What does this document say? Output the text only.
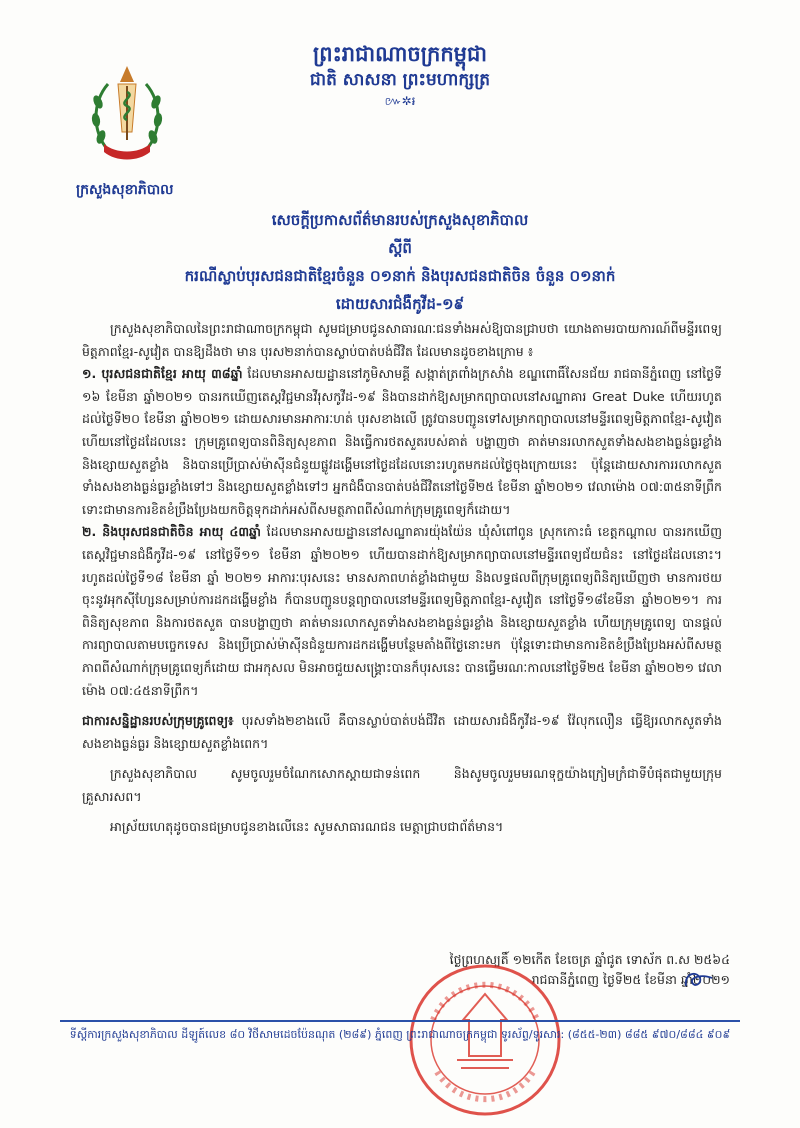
ព្រះរាជាណាចក្រកម្ពុជា
ជាតិ សាសនា ព្រះមហាក្សត្រ
៚✲៛
ក្រសួងសុខាភិបាល
សេចក្ដីប្រកាសព័ត៌មានរបស់ក្រសួងសុខាភិបាល
ស្ដីពី
ករណីស្លាប់បុរសជនជាតិខ្មែរចំនួន ០១នាក់ និងបុរសជនជាតិចិន ចំនួន ០១នាក់
ដោយសារជំងឺកូវីដ-១៩

ក្រសួងសុខាភិបាលនៃព្រះរាជាណាចក្រកម្ពុជា សូមជម្រាបជូនសាធារណៈជនទាំងអស់ឱ្យបានជ្រាបថា យោងតាមរបាយការណ៍ពីមន្ទីរពេទ្យមិត្តភាពខ្មែរ-សូវៀត បានឱ្យដឹងថា មាន បុរស២នាក់បានស្លាប់បាត់បង់ជីវិត ដែលមានដូចខាងក្រោម ៖

១. បុរសជនជាតិខ្មែរ អាយុ ៣៨ឆ្នាំ ដែលមានអាសយដ្ឋាននៅភូមិសាមគ្គី សង្កាត់ត្រពាំងក្រសាំង ខណ្ឌពោធិ៍សែនជ័យ រាជធានីភ្នំពេញ នៅថ្ងៃទី ១៦ ខែមីនា ឆ្នាំ២០២១ បានរកឃើញតេស្តវិជ្ជមានវីរុសកូវីដ-១៩ និងបានដាក់ឱ្យសម្រាកព្យាបាលនៅសណ្ឋាគារ Great Duke ហើយរហូតដល់ថ្ងៃទី២០ ខែមីនា ឆ្នាំ២០២១ ដោយសារមានអាការៈហត់ បុរសខាងលើ ត្រូវបានបញ្ជូនទៅសម្រាកព្យាបាលនៅមន្ទីរពេទ្យមិត្តភាពខ្មែរ-សូវៀត ហើយនៅថ្ងៃដដែលនេះ ក្រុមគ្រូពេទ្យបានពិនិត្យសុខភាព និងធ្វើការថតសួតរបស់គាត់ បង្ហាញថា គាត់មានរលាកសួតទាំងសងខាងធ្ងន់ធ្ងរខ្លាំង និងខ្សោយសួតខ្លាំង និងបានប្រើប្រាស់ម៉ាស៊ីនជំនួយផ្លូវដង្ហើមនៅថ្ងៃដដែលនោះរហូតមកដល់ថ្ងៃចុងក្រោយនេះ ប៉ុន្តែដោយសារការរលាកសួតទាំងសងខាងធ្ងន់ធ្ងរខ្លាំងទៅៗ និងខ្សោយសួតខ្លាំងទៅៗ អ្នកជំងឺបានបាត់បង់ជីវិតនៅថ្ងៃទី២៥ ខែមីនា ឆ្នាំ២០២១ វេលាម៉ោង ០៧:៣៥នាទីព្រឹក ទោះជាមានការខិតខំប្រឹងប្រែងយកចិត្តទុកដាក់អស់ពីសមត្ថភាពពីសំណាក់ក្រុមគ្រូពេទ្យក៏ដោយ។

២. និងបុរសជនជាតិចិន អាយុ ៤៣ឆ្នាំ ដែលមានអាសយដ្ឋាននៅសណ្ឋាគារយ៉ុងយ៉ែន ឃុំសំពៅពូន ស្រុកកោះធំ ខេត្តកណ្ដាល បានរកឃើញតេស្តវិជ្ជមានជំងឺកូវីដ-១៩ នៅថ្ងៃទី១១ ខែមីនា ឆ្នាំ២០២១ ហើយបានដាក់ឱ្យសម្រាកព្យាបាលនៅមន្ទីរពេទ្យជ័យជំនះ នៅថ្ងៃដដែលនោះ។ រហូតដល់ថ្ងៃទី១៨ ខែមីនា ឆ្នាំ ២០២១ អាការៈបុរសនេះ មានសភាពហត់ខ្លាំងជាមួយ និងលទ្ធផលពីក្រុមគ្រូពេទ្យពិនិត្យឃើញថា មានការថយចុះនូវអុកស៊ីហ្សែនសម្រាប់ការដកដង្ហើមខ្លាំង ក៏បានបញ្ជូនបន្តព្យាបាលនៅមន្ទីរពេទ្យមិត្តភាពខ្មែរ-សូវៀត នៅថ្ងៃទី១៨ខែមីនា ឆ្នាំ២០២១។ ការពិនិត្យសុខភាព និងការថតសួត បានបង្ហាញថា គាត់មានរលាកសួតទាំងសងខាងធ្ងន់ធ្ងរខ្លាំង និងខ្សោយសួតខ្លាំង ហើយក្រុមគ្រូពេទ្យ បានផ្ដល់ការព្យាបាលតាមបច្ចេកទេស និងប្រើប្រាស់ម៉ាស៊ីនជំនួយការដកដង្ហើមបន្ថែមតាំងពីថ្ងៃនោះមក ប៉ុន្តែទោះជាមានការខិតខំប្រឹងប្រែងអស់ពីសមត្ថភាពពីសំណាក់ក្រុមគ្រូពេទ្យក៏ដោយ ជាអកុសល មិនអាចជួយសង្គ្រោះបានក៏បុរសនេះ បានធ្វើមរណៈកាលនៅថ្ងៃទី២៥ ខែមីនា ឆ្នាំ២០២១ វេលាម៉ោង ០៧:៤៥នាទីព្រឹក។

ជាការសន្និដ្ឋានរបស់ក្រុមគ្រូពេទ្យ៖ បុរសទាំង២ខាងលើ គឺបានស្លាប់បាត់បង់ជីវិត ដោយសារជំងឺកូវីដ-១៩ វ៉ែលុកលឿន ធ្វើឱ្យរលាកសួតទាំងសងខាងធ្ងន់ធ្ងរ និងខ្សោយសួតខ្លាំងពេក។

ក្រសួងសុខាភិបាល សូមចូលរួមចំណែកសោកស្ដាយជាទន់ពេក និងសូមចូលរួមមរណទុក្ខយ៉ាងក្រៀមក្រំជាទីបំផុតជាមួយក្រុមគ្រួសារសព។

អាស្រ័យហេតុដូចបានជម្រាបជូនខាងលើនេះ សូមសាធារណជន មេត្តាជ្រាបជាព័ត៌មាន។

ថ្ងៃព្រហស្បតិ៍ ១២កើត ខែចេត្រ ឆ្នាំជូត ទោស័ក ព.ស ២៥៦៤
រាជធានីភ្នំពេញ ថ្ងៃទី២៥ ខែមីនា ឆ្នាំ២០២១
ទីស្តីការក្រសួងសុខាភិបាល ដីឡូត៍លេខ ៨០ វិថីសាមដេចប៉ែនណុត (២៨៩) ភ្នំពេញ ព្រះរាជាណាចក្រកម្ពុជា ទូរស័ព្ទ/ទូរសារ: (៨៥៥-២៣) ៨៨៥ ៩៧០/៨៨៤ ៩០៩
